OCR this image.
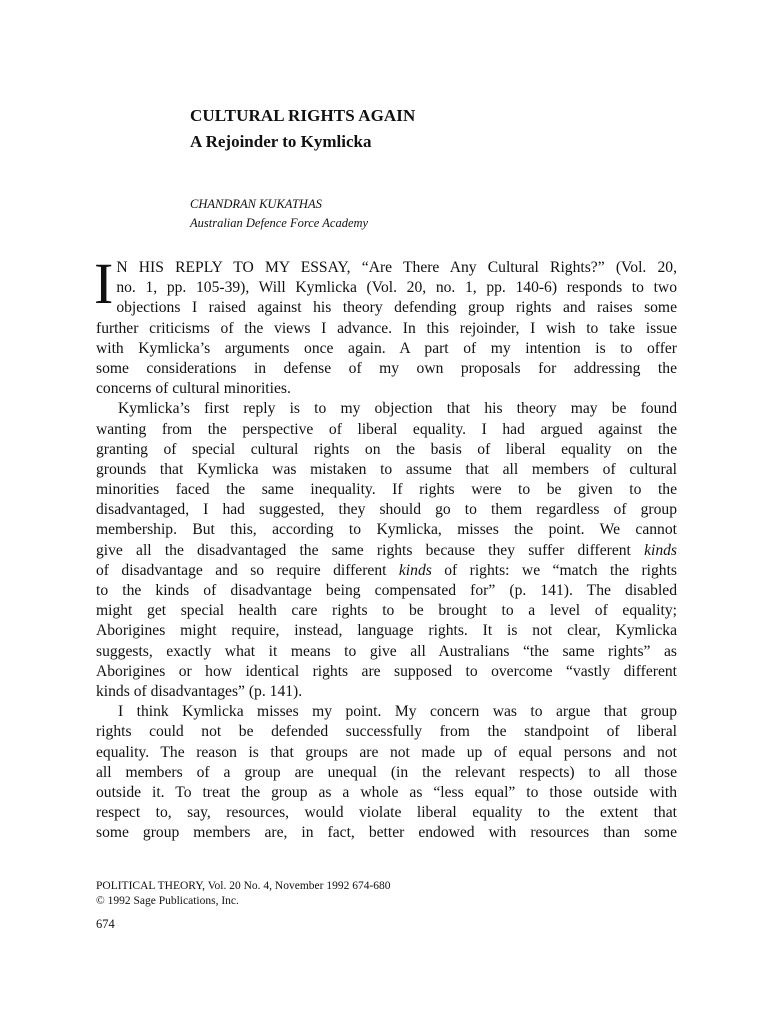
CULTURAL RIGHTS AGAIN
A Rejoinder to Kymlicka

CHANDRAN KUKATHAS

Australian Defence Force Academy

I N HIS REPLY TO MY ESSAY, “Are There Any Cultural Rights?” (Vol. 20,
no. 1, pp. 105-39), Will Kymlicka (Vol. 20, no. 1, pp. 140-6) responds to two
objections I raised against his theory defending group rights and raises some
further criticisms of the views I advance. In this rejoinder, I wish to take issue
with Kymlicka’s arguments once again. A part of my intention is to offer
some considerations in defense of my own proposals for addressing the
concerns of cultural minorities.
Kymlicka’s first reply is to my objection that his theory may be found
wanting from the perspective of liberal equality. I had argued against the
granting of special cultural rights on the basis of liberal equality on the
grounds that Kymlicka was mistaken to assume that all members of cultural
minorities faced the same inequality. If rights were to be given to the
disadvantaged, I had suggested, they should go to them regardless of group
membership. But this, according to Kymlicka, misses the point. We cannot
give all the disadvantaged the same rights because they suffer different kinds
of disadvantage and so require different kinds of rights: we “match the rights
to the kinds of disadvantage being compensated for” (p. 141). The disabled
might get special health care rights to be brought to a level of equality;
Aborigines might require, instead, language rights. It is not clear, Kymlicka
suggests, exactly what it means to give all Australians “the same rights” as
Aborigines or how identical rights are supposed to overcome “vastly different
kinds of disadvantages” (p. 141).
I think Kymlicka misses my point. My concern was to argue that group
rights could not be defended successfully from the standpoint of liberal
equality. The reason is that groups are not made up of equal persons and not
all members of a group are unequal (in the relevant respects) to all those
outside it. To treat the group as a whole as “less equal” to those outside with
respect to, say, resources, would violate liberal equality to the extent that
some group members are, in fact, better endowed with resources than some
POLITICAL THEORY, Vol. 20 No. 4, November 1992 674-680
© 1992 Sage Publications, Inc.
674
